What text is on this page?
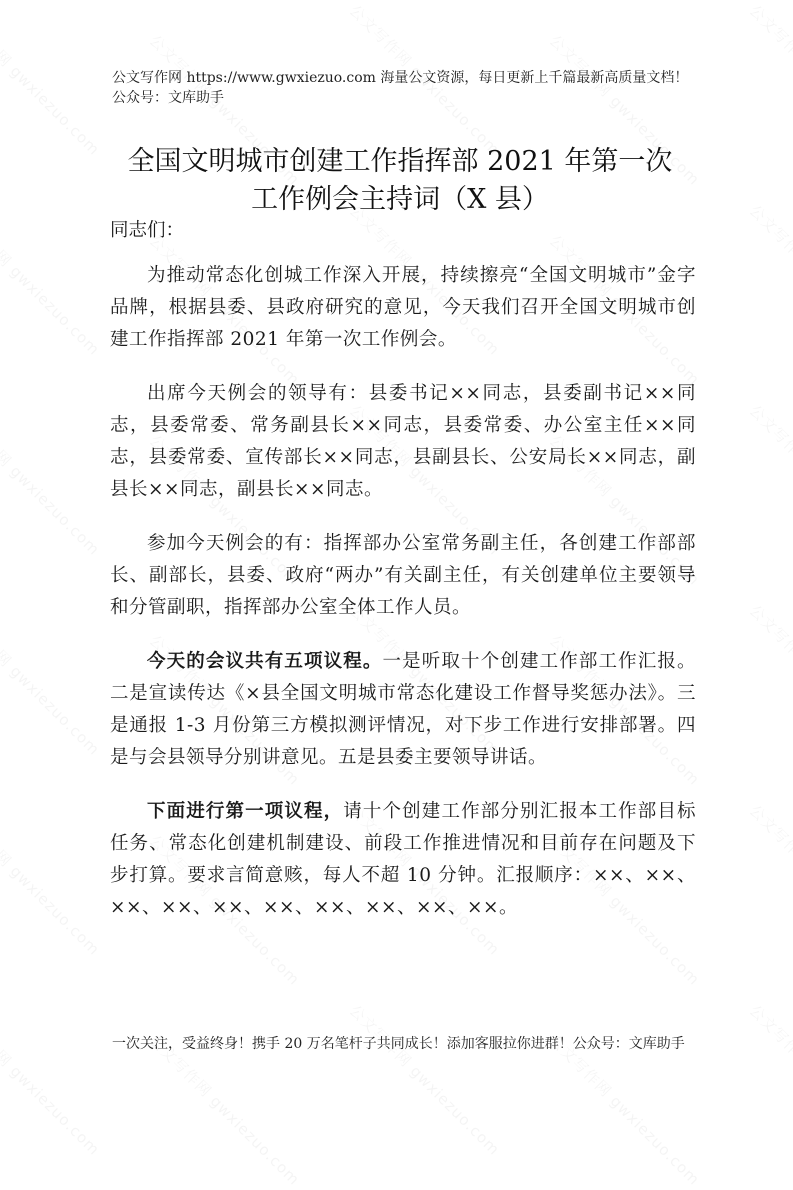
公文写作网 https://www.gwxiezuo.com 海量公文资源，每日更新上千篇最新高质量文档！ 公众号：文库助手
全国文明城市创建工作指挥部 2021 年第一次
工作例会主持词（X 县）
同志们：

为推动常态化创城工作深入开展，持续擦亮“全国文明城市”金字品牌，根据县委、县政府研究的意见，今天我们召开全国文明城市创建工作指挥部 2021 年第一次工作例会。

出席今天例会的领导有：县委书记××同志，县委副书记××同志，县委常委、常务副县长××同志，县委常委、办公室主任××同志，县委常委、宣传部长××同志，县副县长、公安局长××同志，副县长××同志，副县长××同志。

参加今天例会的有：指挥部办公室常务副主任，各创建工作部部长、副部长，县委、政府“两办”有关副主任，有关创建单位主要领导和分管副职，指挥部办公室全体工作人员。

今天的会议共有五项议程。一是听取十个创建工作部工作汇报。二是宣读传达《×县全国文明城市常态化建设工作督导奖惩办法》。三是通报 1-3 月份第三方模拟测评情况，对下步工作进行安排部署。四是与会县领导分别讲意见。五是县委主要领导讲话。

下面进行第一项议程，请十个创建工作部分别汇报本工作部目标任务、常态化创建机制建设、前段工作推进情况和目前存在问题及下步打算。要求言简意赅，每人不超 10 分钟。汇报顺序：××、××、××、××、××、××、××、××、××、××。

一次关注，受益终身！携手 20 万名笔杆子共同成长！添加客服拉你进群！公众号：文库助手
